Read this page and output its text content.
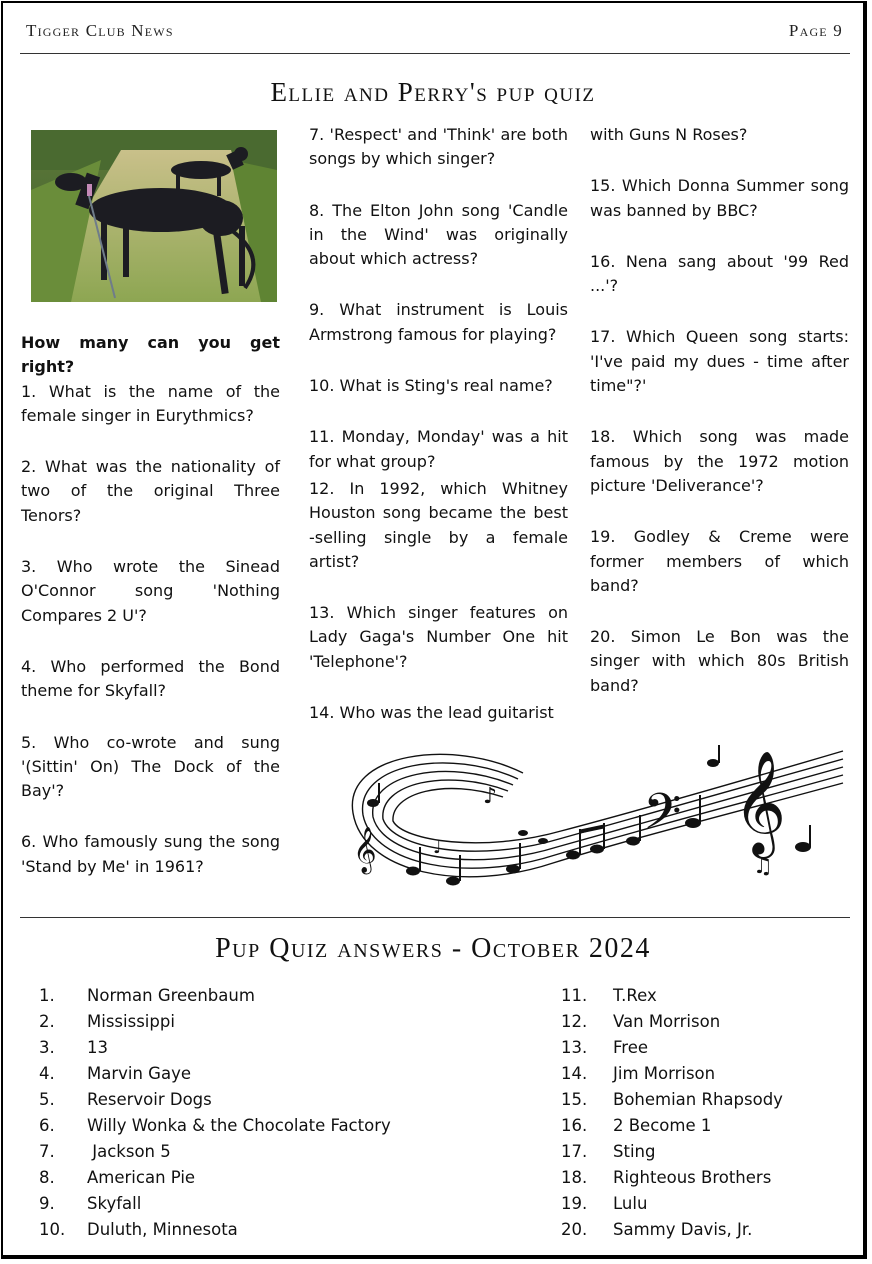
Tigger Club News	Page 9
Ellie and Perry's pup quiz

How many can you get right?

1. What is the name of the female singer in Eurythmics?

2. What was the nationality of two of the original Three Tenors?

3. Who wrote the Sinead O'Connor song 'Nothing Compares 2 U'?

4. Who performed the Bond theme for Skyfall?

5. Who co-wrote and sung '(Sittin' On) The Dock of the Bay'?

6. Who famously sung the song 'Stand by Me' in 1961?

7. 'Respect' and 'Think' are both songs by which singer?

8. The Elton John song 'Candle in the Wind' was originally about which actress?

9. What instrument is Louis Armstrong famous for playing?

10. What is Sting's real name?

11. Monday, Monday' was a hit for what group?

12. In 1992, which Whitney Houston song became the best -selling single by a female artist?

13. Which singer features on Lady Gaga's Number One hit 'Telephone'?

14. Who was the lead guitarist

with Guns N Roses?

15. Which Donna Summer song was banned by BBC?

16. Nena sang about '99 Red ...'?

17. Which Queen song starts: 'I've paid my dues - time after time"?'

18. Which song was made famous by the 1972 motion picture 'Deliverance'?

19. Godley & Creme were former members of which band?

20. Simon Le Bon was the singer with which 80s British band?

𝄞
𝄢
𝄞
♪
♫
♩
Pup Quiz answers - October 2024
1.	Norman Greenbaum
2.	Mississippi
3.	13
4.	Marvin Gaye
5.	Reservoir Dogs
6.	Willy Wonka & the Chocolate Factory
7.	Jackson 5
8.	American Pie
9.	Skyfall
10.	Duluth, Minnesota
11.	T.Rex
12.	Van Morrison
13.	Free
14.	Jim Morrison
15.	Bohemian Rhapsody
16.	2 Become 1
17.	Sting
18.	Righteous Brothers
19.	Lulu
20.	Sammy Davis, Jr.
